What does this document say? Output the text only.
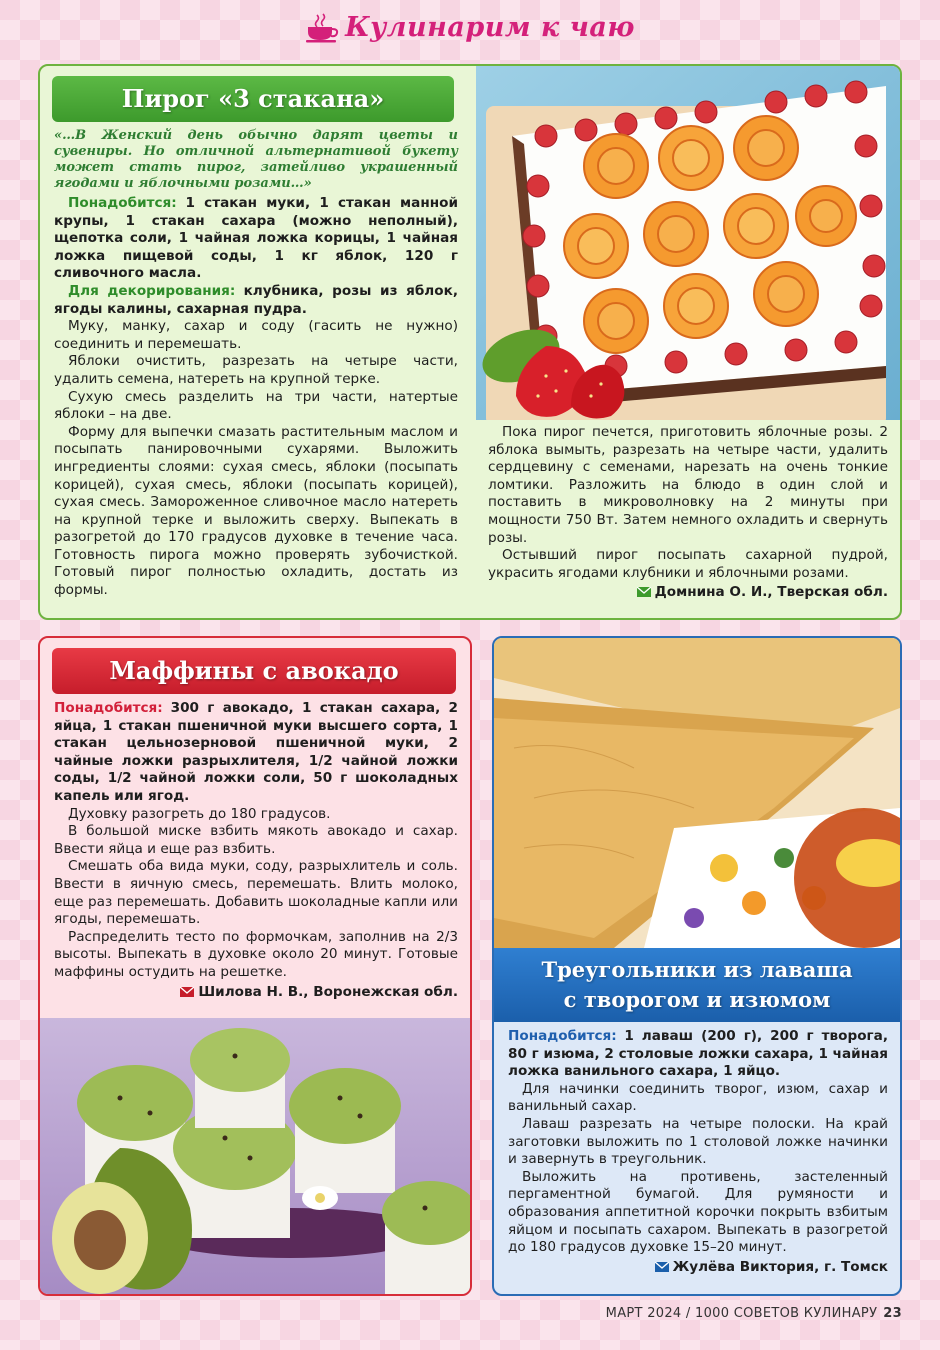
Кулинарим к чаю
Пирог «3 стакана»

«…В Женский день обычно дарят цветы и сувениры. Но отличной альтернативой букету может стать пирог, затейливо украшенный ягодами и яблочными розами…»

Понадобится: 1 стакан муки, 1 стакан манной крупы, 1 стакан сахара (можно неполный), щепотка соли, 1 чайная ложка корицы, 1 чайная ложка пищевой соды, 1 кг яблок, 120 г сливочного масла.

Для декорирования: клубника, розы из яблок, ягоды калины, сахарная пудра.

Муку, манку, сахар и соду (гасить не нужно) соединить и перемешать.

Яблоки очистить, разрезать на четыре части, удалить семена, натереть на крупной терке.

Сухую смесь разделить на три части, натертые яблоки – на две.

Форму для выпечки смазать растительным маслом и посыпать панировочными сухарями. Выложить ингредиенты слоями: сухая смесь, яблоки (посыпать корицей), сухая смесь, яблоки (посыпать корицей), сухая смесь. Замороженное сливочное масло натереть на крупной терке и выложить сверху. Выпекать в разогретой до 170 градусов духовке в течение часа. Готовность пирога можно проверять зубочисткой. Готовый пирог полностью охладить, достать из формы.

Пока пирог печется, приготовить яблочные розы. 2 яблока вымыть, разрезать на четыре части, удалить сердцевину с семенами, нарезать на очень тонкие ломтики. Разложить на блюдо в один слой и поставить в микроволновку на 2 минуты при мощности 750 Вт. Затем немного охладить и свернуть розы.

Остывший пирог посыпать сахарной пудрой, украсить ягодами клубники и яблочными розами.

Домнина О. И., Тверская обл.

Маффины с авокадо

Понадобится: 300 г авокадо, 1 стакан сахара, 2 яйца, 1 стакан пшеничной муки высшего сорта, 1 стакан цельнозерновой пшеничной муки, 2 чайные ложки разрыхлителя, 1/2 чайной ложки соды, 1/2 чайной ложки соли, 50 г шоколадных капель или ягод.

Духовку разогреть до 180 градусов.

В большой миске взбить мякоть авокадо и сахар. Ввести яйца и еще раз взбить.

Смешать оба вида муки, соду, разрыхлитель и соль. Ввести в яичную смесь, перемешать. Влить молоко, еще раз перемешать. Добавить шоколадные капли или ягоды, перемешать.

Распределить тесто по формочкам, заполнив на 2/3 высоты. Выпекать в духовке около 20 минут. Готовые маффины остудить на решетке.

Шилова Н. В., Воронежская обл.

Треугольники из лаваша
с творогом и изюмом

Понадобится: 1 лаваш (200 г), 200 г творога, 80 г изюма, 2 столовые ложки сахара, 1 чайная ложка ванильного сахара, 1 яйцо.

Для начинки соединить творог, изюм, сахар и ванильный сахар.

Лаваш разрезать на четыре полоски. На край заготовки выложить по 1 столовой ложке начинки и завернуть в треугольник.

Выложить на противень, застеленный пергаментной бумагой. Для румяности и образования аппетитной корочки покрыть взбитым яйцом и посыпать сахаром. Выпекать в разогретой до 180 градусов духовке 15–20 минут.

Жулёва Виктория, г. Томск

МАРТ 2024 / 1000 СОВЕТОВ КУЛИНАРУ 23
